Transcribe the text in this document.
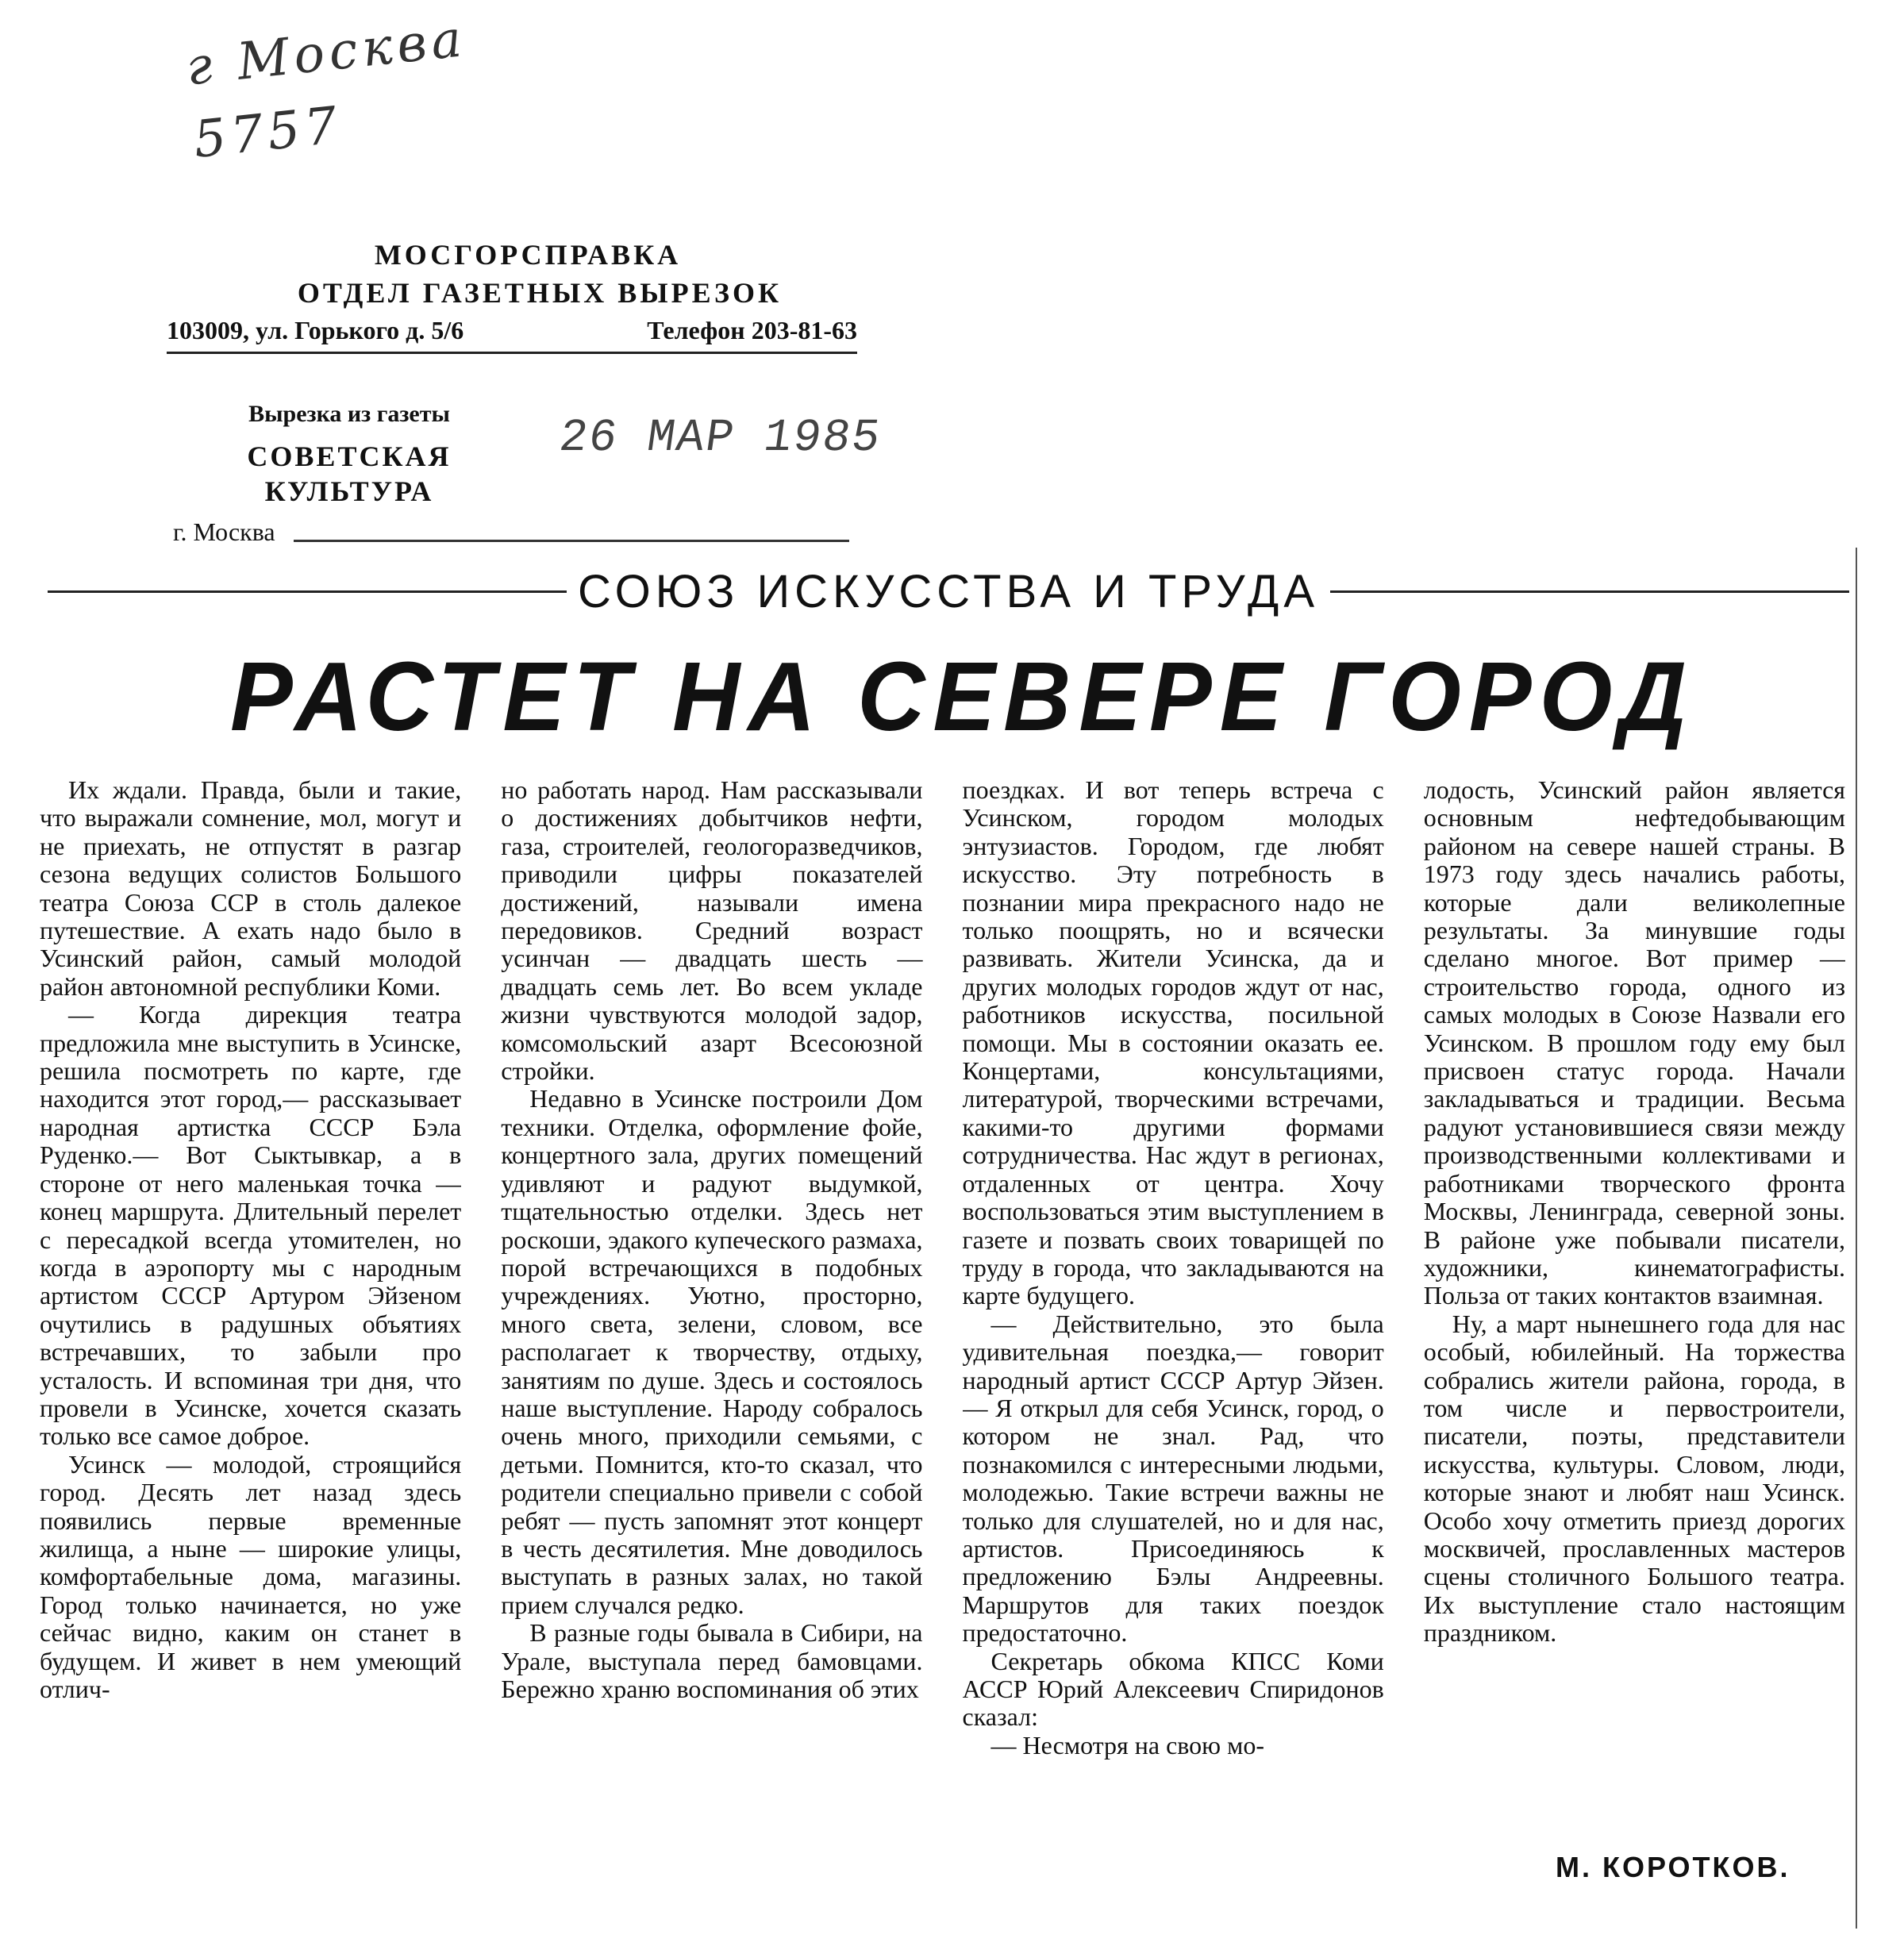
г Москва
5757
МОСГОРСПРАВКА
ОТДЕЛ ГАЗЕТНЫХ ВЫРЕЗОК
103009, ул. Горького д. 5/6	Телефон 203-81-63
Вырезка из газеты
СОВЕТСКАЯ
КУЛЬТУРА
26 МАР 1985
г. Москва
СОЮЗ ИСКУССТВА И ТРУДА
РАСТЕТ НА СЕВЕРЕ ГОРОД

Их ждали. Правда, были и такие, что выражали сомнение, мол, могут и не приехать, не отпустят в разгар сезона ведущих солистов Большого театра Союза ССР в столь далекое путешествие. А ехать надо было в Усинский район, самый молодой район автономной республики Коми.

— Когда дирекция театра предложила мне выступить в Усинске, решила посмотреть по карте, где находится этот город,— рассказывает народная артистка СССР Бэла Руденко.— Вот Сыктывкар, а в стороне от него маленькая точка — конец маршрута. Длительный перелет с пересадкой всегда утомителен, но когда в аэропорту мы с народным артистом СССР Артуром Эйзеном очутились в радушных объятиях встречавших, то забыли про усталость. И вспоминая три дня, что провели в Усинске, хочется сказать только все самое доброе.

Усинск — молодой, строящийся город. Десять лет назад здесь появились первые временные жилища, а ныне — широкие улицы, комфортабельные дома, магазины. Город только начинается, но уже сейчас видно, каким он станет в будущем. И живет в нем умеющий отлич-

но работать народ. Нам рассказывали о достижениях добытчиков нефти, газа, строителей, геологоразведчиков, приводили цифры показателей достижений, называли имена передовиков. Средний возраст усинчан — двадцать шесть — двадцать семь лет. Во всем укладе жизни чувствуются молодой задор, комсомольский азарт Всесоюзной стройки.

Недавно в Усинске построили Дом техники. Отделка, оформление фойе, концертного зала, других помещений удивляют и радуют выдумкой, тщательностью отделки. Здесь нет роскоши, эдакого купеческого размаха, порой встречающихся в подобных учреждениях. Уютно, просторно, много света, зелени, словом, все располагает к творчеству, отдыху, занятиям по душе. Здесь и состоялось наше выступление. Народу собралось очень много, приходили семьями, с детьми. Помнится, кто-то сказал, что родители специально привели с собой ребят — пусть запомнят этот концерт в честь десятилетия. Мне доводилось выступать в разных залах, но такой прием случался редко.

В разные годы бывала в Сибири, на Урале, выступала перед бамовцами. Бережно храню воспоминания об этих

поездках. И вот теперь встреча с Усинском, городом молодых энтузиастов. Городом, где любят искусство. Эту потребность в познании мира прекрасного надо не только поощрять, но и всячески развивать. Жители Усинска, да и других молодых городов ждут от нас, работников искусства, посильной помощи. Мы в состоянии оказать ее. Концертами, консультациями, литературой, творческими встречами, какими-то другими формами сотрудничества. Нас ждут в регионах, отдаленных от центра. Хочу воспользоваться этим выступлением в газете и позвать своих товарищей по труду в города, что закладываются на карте будущего.

— Действительно, это была удивительная поездка,— говорит народный артист СССР Артур Эйзен.— Я открыл для себя Усинск, город, о котором не знал. Рад, что познакомился с интересными людьми, молодежью. Такие встречи важны не только для слушателей, но и для нас, артистов. Присоединяюсь к предложению Бэлы Андреевны. Маршрутов для таких поездок предостаточно.

Секретарь обкома КПСС Коми АССР Юрий Алексеевич Спиридонов сказал:

— Несмотря на свою мо-

лодость, Усинский район является основным нефтедобывающим районом на севере нашей страны. В 1973 году здесь начались работы, которые дали великолепные результаты. За минувшие годы сделано многое. Вот пример — строительство города, одного из самых молодых в Союзе Назвали его Усинском. В прошлом году ему был присвоен статус города. Начали закладываться и традиции. Весьма радуют установившиеся связи между производственными коллективами и работниками творческого фронта Москвы, Ленинграда, северной зоны. В районе уже побывали писатели, художники, кинематографисты. Польза от таких контактов взаимная.

Ну, а март нынешнего года для нас особый, юбилейный. На торжества собрались жители района, города, в том числе и первостроители, писатели, поэты, представители искусства, культуры. Словом, люди, которые знают и любят наш Усинск. Особо хочу отметить приезд дорогих москвичей, прославленных мастеров сцены столичного Большого театра. Их выступление стало настоящим праздником.

М. КОРОТКОВ.
